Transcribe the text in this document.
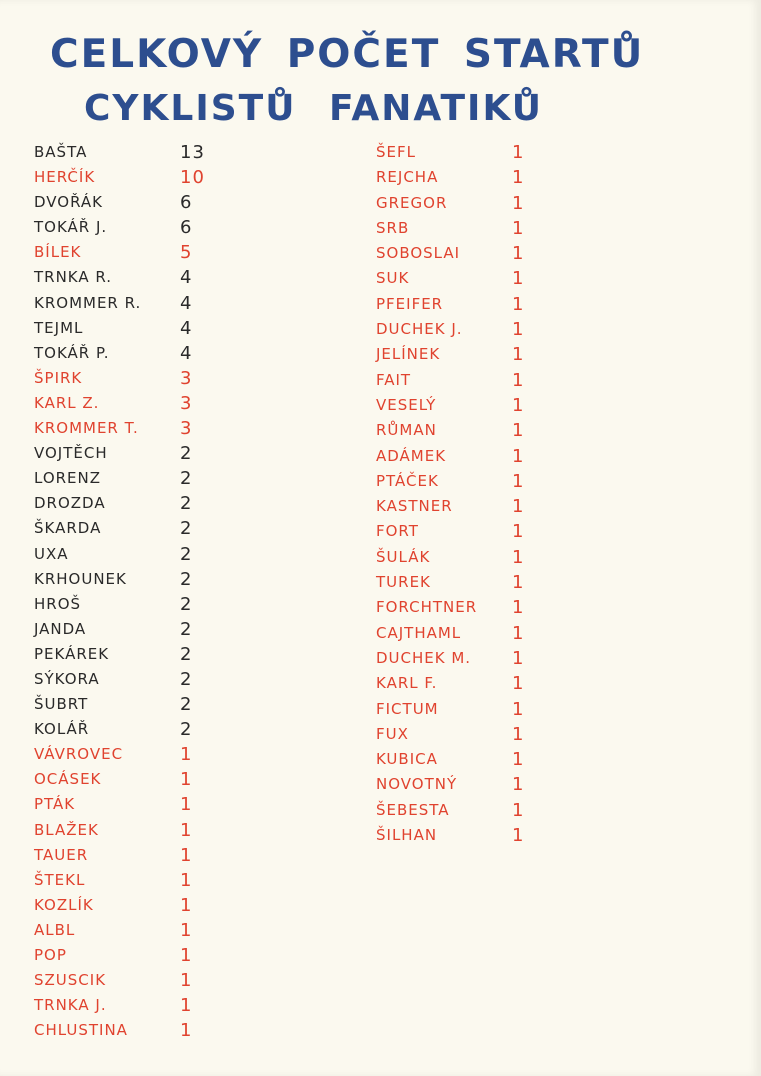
CELKOVÝ POČET STARTŮ
CYKLISTŮ FANATIKŮ
BAŠTA	13
HERČÍK	10
DVOŘÁK	6
TOKÁŘ J.	6
BÍLEK	5
TRNKA R.	4
KROMMER R. 4
TEJML	4
TOKÁŘ P.	4
ŠPIRK	3
KARL Z.	3
KROMMER T. 3
VOJTĚCH	2
LORENZ	2
DROZDA	2
ŠKARDA	2
UXA	2
KRHOUNEK	2
HROŠ	2
JANDA	2
PEKÁREK	2
SÝKORA	2
ŠUBRT	2
KOLÁŘ	2
VÁVROVEC	1
OCÁSEK	1
PTÁK	1
BLAŽEK	1
TAUER	1
ŠTEKL	1
KOZLÍK	1
ALBL	1
POP	1
SZUSCIK	1
TRNKA J.	1
CHLUSTINA	1
ŠEFL	1
REJCHA	1
GREGOR	1
SRB	1
SOBOSLAI	1
SUK	1
PFEIFER	1
DUCHEK J.	1
JELÍNEK	1
FAIT	1
VESELÝ	1
RŮMAN	1
ADÁMEK	1
PTÁČEK	1
KASTNER	1
FORT	1
ŠULÁK	1
TUREK	1
FORCHTNER 1
CAJTHAML	1
DUCHEK M. 1
KARL F.	1
FICTUM	1
FUX	1
KUBICA	1
NOVOTNÝ	1
ŠEBESTA	1
ŠILHAN	1
